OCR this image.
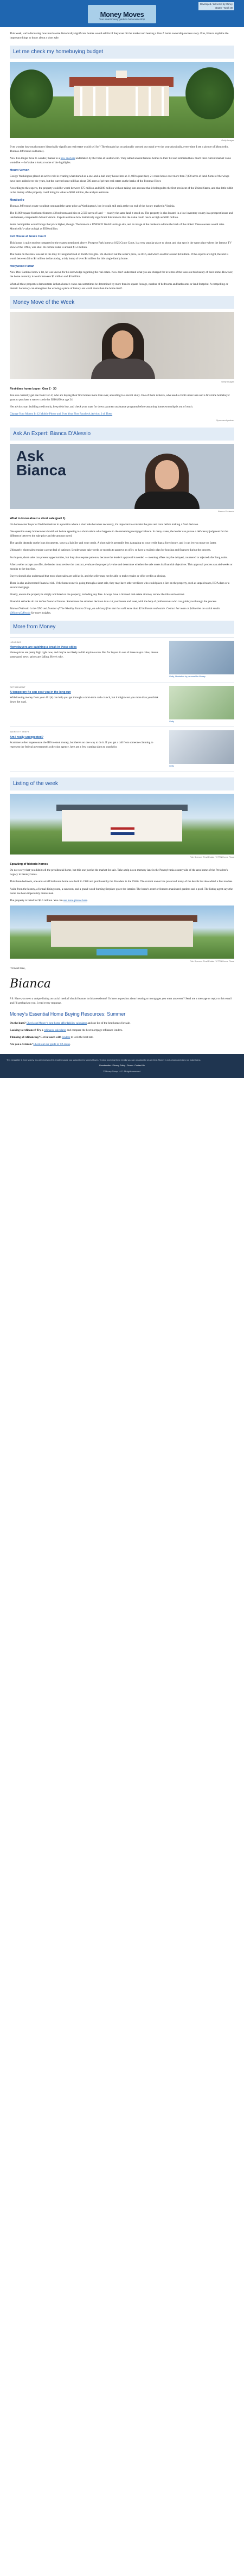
Money Moves
Your smart money guide to homeownership
Developed / delivered by Money
(Date) · Week 38

This week, we're discussing how much some historically significant homes would sell for if they ever hit the market and hearing a Gen Z home ownership success story. Plus, Bianca explains the important things to know about a short sale.

Let me check my homebuying budget
Getty Images

Ever wonder how much money historically significant real estate would sell for? The thought has occasionally crossed our mind over the years (typically, every time I see a picture of Monticello, Thomas Jefferson's old home).

Now I no longer have to wonder, thanks to a new analysis undertaken by the folks at Realtor.com. They added several famous homes to their list and estimated how much their current market value would be — let's take a look at some of the highlights.

Mount Vernon

George Washington placed an active role in creating what started as a one-and-a-half story house into an 11,028 square feet, 21-room house over more than 7,000 acres of land. Some of the wings have been added over the years, but the current home still has about 500 acres of private real estate on the banks of the Potomac River.

According to the experts, the property could be worth between $75 million and $100 million without taking into account that it belonged to the first president of the United States, and that little tidbit in the history of the property could bring its value to $500 million, the analysts estimate.

Monticello

Thomas Jefferson's estate wouldn't command the same price as Washington's, but it would still rank at the top end of the luxury market in Virginia.

The 11,000 square foot home features 43 bedrooms and sits on 2,500 acres of land — exactly the same land it stood on. The property is also located in a low inventory county in a prospect house and land release, compared to Mount Vernon. Experts estimate how historically significant this home is that the value could reach as high as $300 million.

Some homophiles would forego that price higher, though. The home is a UNESCO World Heritage site, and its image at the residence adorns the back of the nickel. These owners would raise Monticello's value as high as $500 million.

Full House at Grace Court

This house is quite modest compared to the estates mentioned above. Prospect Park home at 1825 Grace Court, is a very popular place to shoot, and that spot is the same place where the famous TV show of the 1990s, was shot. Its current value is around $1.2 million.

The home on the show was set in the tony SF neighborhood of Pacific Heights. We checked out the seller's price, in 2016, and which sold for around $4 million. If the experts are right, the unit is worth between $3 to $4 million dollars today, a tidy bump of over $4 million for this single-family home.

Hollywood Pariah

Now Desi Cardinal knew a lot, he was known for his knowledge regarding the real estate. Now don't understand what you are charged for in terms of the taxes on this beauty of their home. However, the home currently is worth between $2 million and $3 million.

What all these properties demonstrate is that a home's value can sometimes be determined by more than its square footage, number of bedrooms and bathrooms or land footprint. A compelling or historic backstory can strengthen the wowing a piece of history are worth more than the home itself.

Money Move of the Week
Getty Images
First-time home buyer: Gen Z · 30

You can currently get one from Gen Z, who are buying their first homes more than ever, according to a recent study. One of them is Keira, who used a credit union loan and a first-time homebuyer grant to purchase a starter condo for $210,000 at age 24.

Her advice: start building credit early, keep debt low, and check your state for down payment assistance programs before assuming homeownership is out of reach.

Change Your Money In 12 Mobile Phone and Ever Your First Paycheck Advice: 2 of Them

Sponsored partner
Ask An Expert: Bianca D'Alessio
Ask
Bianca
Bianca D'Alessio
What to know about a short sale (part 1)

I'm homeowner buyer or find themselves in a position where a short sale becomes necessary, it's important to consider the pros and cons before making a final decision.

One question every homeowner should ask before agreeing to a short sale is what happens to the remaining mortgage balance. In many states, the lender can pursue a deficiency judgment for the difference between the sale price and the amount owed.

The upside depends on the loan documents, your tax liability and your credit. A short sale is generally less damaging to your credit than a foreclosure, and it can let you move on faster.

Ultimately, short sales require a great deal of patience. Lenders may take weeks or months to approve an offer, so have a realistic plan for housing and finances during the process.

For buyers, short sales can present opportunities, but they also require patience, because the lender's approval is needed — meaning offers may be delayed, countered or rejected after long waits.

After a seller accepts an offer, the lender must review the contract, evaluate the property's value and determine whether the sale meets its financial objectives. This approval process can add weeks or months to the timeline.

Buyers should also understand that most short sales are sold as-is, and the seller may not be able to make repairs or offer credits at closing.

There is also an increased financial risk. If the homeowner is going through a short sale, they may have other creditors who could place a lien on the property, such as unpaid taxes, HOA dues or a second mortgage.

Finally, ensure the property is simply not listed on the property, including any fees. Always have a licensed real estate attorney review the title and contract.

Financial setbacks do not define financial futures. Sometimes the smartest decision is to cut your losses and reset, with the help of professionals who can guide you through the process.

Bianca D'Alessio is the CEO and founder of The Wealthy Estates Group, an advisory firm that has sold more than $2 billion in real estate. Contact her team or follow her on social media @BiancaDAlessio for more insights.

More from Money
HOUSING
Homebuyers are catching a break in these cities
Home prices are pretty high right now, and they're not likely to fall anytime soon. But for buyers in one of these major cities, there's some good news: prices are falling. Here's why.
Getty, Illustration by personal for Money
RETIREMENT
A temporary fix can cost you in the long run
Withdrawing money from your 401(k) can help you get through a short-term cash crunch, but it might cost you more than you think down the road.
Getty
IDENTITY THEFT
Am I really unexpected?
Scammers often impersonate the IRS to steal money, but there's no one way to do it. If you get a call from someone claiming to represent the federal government's collection agency, here are a few warning signs to watch for.
Getty
Listing of the week
Rob Spencer Real Estate / KTTN Home Place
Speaking of historic homes

Do not worry that you didn't sell the presidential home, but this one just hit the market for sale. Take a trip down memory lane in the Pennsylvania countryside of the area home of the President's Legacy in Pennsylvania.

This three-bedroom, one-and-a-half bathroom home was built in 1928 and purchased by the President in the 1940s. The current owner has preserved many of the details but also added a few touches.

Aside from the history, a formal dining room, a sunroom, and a grand wood-burning fireplace grace the interior. The home's exterior features manicured gardens and a pool. The listing agent says the home has been impeccably maintained.

The property is listed for $3.5 million. You can see more photos here.

Rob Spencer Real Estate / KTTN Home Place

'Til next time,

Bianca

P.S. Have you seen a unique listing on social media I should feature in this newsletter? Or have a question about housing or mortgages you want answered? Send me a message or reply to this email and I'll get back to you. I read every response.

Money's Essential Home Buying Resources: Summer

On the hunt? Check out Money's best home affordability calculator and our list of the best homes for sale.

Looking to refinance? Try a refinance calculator and compare the best mortgage refinance lenders.

Thinking of refinancing? Get in touch with lenders to lock the best rate.

Are you a veteran? Check out our guide to VA loans.

This newsletter is from Money. You are receiving this email because you subscribed to Money Moves. To stop receiving these emails you can unsubscribe at any time. Money is not a bank and does not make loans.
Unsubscribe · Privacy Policy · Terms · Contact Us
© Money Group, LLC. All rights reserved.
